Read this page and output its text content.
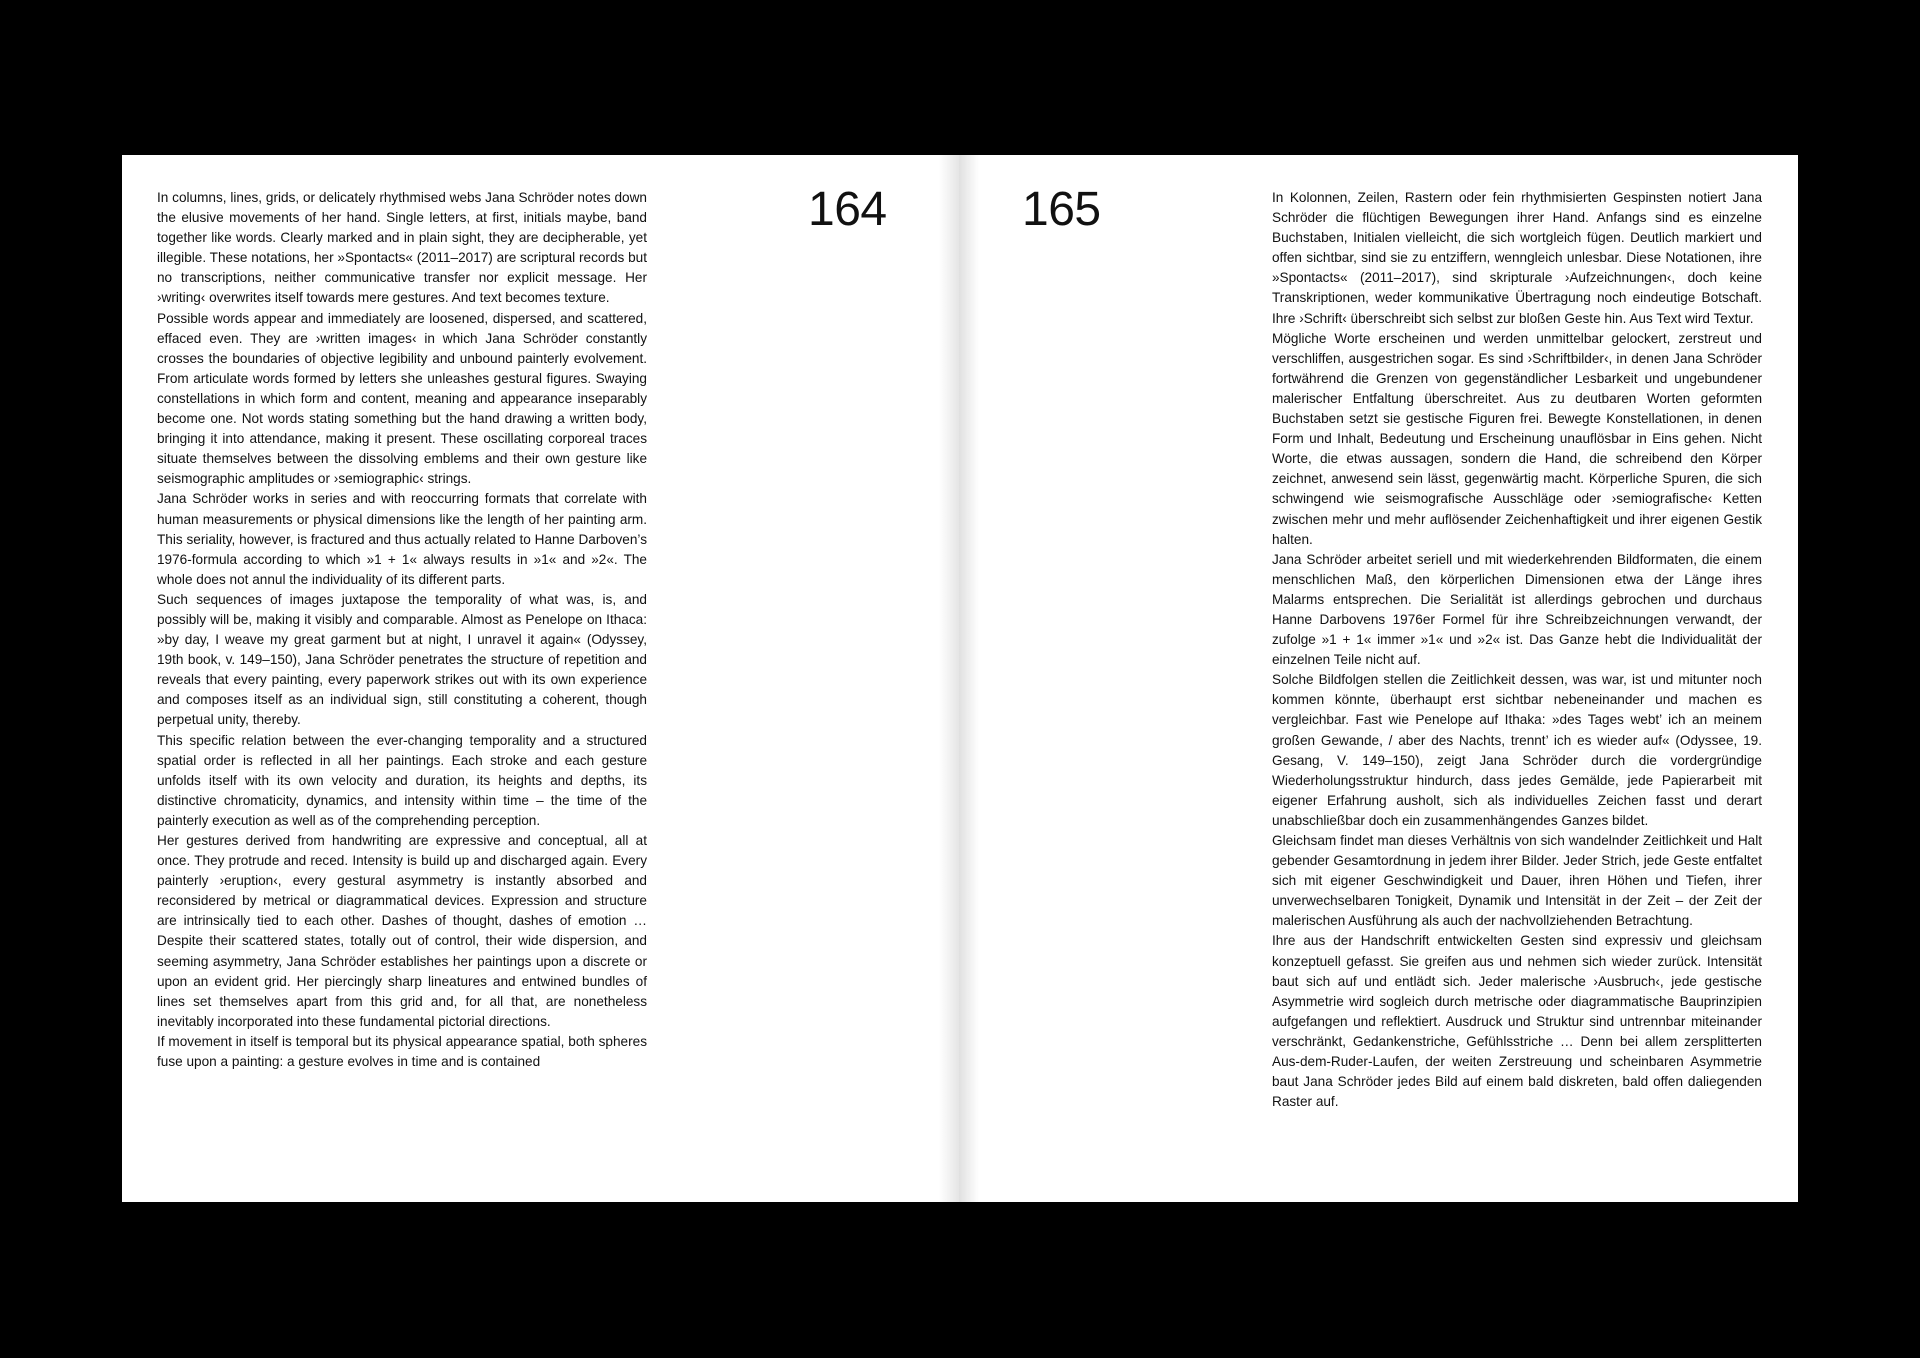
164

In columns, lines, grids, or delicately rhythmised webs Jana Schröder notes down the elusive movements of her hand. Single letters, at first, initials maybe, band together like words. Clearly marked and in plain sight, they are decipherable, yet illegible. These notations, her »Spontacts« (2011–2017) are scriptural records but no transcriptions, neither communicative transfer nor explicit message. Her ›writing‹ overwrites itself towards mere gestures. And text becomes texture.

Possible words appear and immediately are loosened, dispersed, and scattered, effaced even. They are ›written images‹ in which Jana Schröder constantly crosses the boundaries of objective legibility and unbound painterly evolvement. From articulate words formed by letters she unleashes gestural figures. Swaying constellations in which form and content, meaning and appearance inseparably become one. Not words stating something but the hand drawing a written body, bringing it into attendance, making it present. These oscillating corporeal traces situate themselves between the dissolving emblems and their own gesture like seismographic amplitudes or ›semiographic‹ strings.

Jana Schröder works in series and with reoccurring formats that correlate with human measurements or physical dimensions like the length of her painting arm. This seriality, however, is fractured and thus actually related to Hanne Darboven’s 1976-formula according to which »1 + 1« always results in »1« and »2«. The whole does not annul the individuality of its different parts.

Such sequences of images juxtapose the temporality of what was, is, and possibly will be, making it visibly and comparable. Almost as Penelope on Ithaca: »by day, I weave my great garment but at night, I unravel it again« (Odyssey, 19th book, v. 149–150), Jana Schröder penetrates the structure of repetition and reveals that every painting, every paperwork strikes out with its own experience and composes itself as an individual sign, still constituting a coherent, though perpetual unity, thereby.

This specific relation between the ever-changing temporality and a structured spatial order is reflected in all her paintings. Each stroke and each gesture unfolds itself with its own velocity and duration, its heights and depths, its distinctive chromaticity, dynamics, and intensity within time – the time of the painterly execution as well as of the comprehending perception.

Her gestures derived from handwriting are expressive and conceptual, all at once. They protrude and reced. Intensity is build up and discharged again. Every painterly ›eruption‹, every gestural asymmetry is instantly absorbed and reconsidered by metrical or diagrammatical devices. Expression and structure are intrinsically tied to each other. Dashes of thought, dashes of emotion … Despite their scattered states, totally out of control, their wide dispersion, and seeming asymmetry, Jana Schröder establishes her paintings upon a discrete or upon an evident grid. Her piercingly sharp lineatures and entwined bundles of lines set themselves apart from this grid and, for all that, are nonetheless inevitably incorporated into these fundamental pictorial directions.

If movement in itself is temporal but its physical appearance spatial, both spheres fuse upon a painting: a gesture evolves in time and is contained

165	In Kolonnen, Zeilen, Rastern oder fein rhythmisierten Gespinsten notiert Jana Schröder die flüchtigen Bewegungen ihrer Hand. Anfangs sind es einzelne Buchstaben, Initialen vielleicht, die sich wortgleich fügen. Deutlich markiert und offen sichtbar, sind sie zu entziffern, wenngleich unlesbar. Diese Notationen, ihre »Spontacts« (2011–2017), sind skripturale ›Aufzeichnungen‹, doch keine Transkriptionen, weder kommunikative Übertragung noch eindeutige Botschaft. Ihre ›Schrift‹ überschreibt sich selbst zur bloßen Geste hin. Aus Text wird Textur.

Mögliche Worte erscheinen und werden unmittelbar gelockert, zerstreut und verschliffen, ausgestrichen sogar. Es sind ›Schriftbilder‹, in denen Jana Schröder fortwährend die Grenzen von gegenständlicher Lesbarkeit und ungebundener malerischer Entfaltung überschreitet. Aus zu deutbaren Worten geformten Buchstaben setzt sie gestische Figuren frei. Bewegte Konstellationen, in denen Form und Inhalt, Bedeutung und Erscheinung unauflösbar in Eins gehen. Nicht Worte, die etwas aussagen, sondern die Hand, die schreibend den Körper zeichnet, anwesend sein lässt, gegenwärtig macht. Körperliche Spuren, die sich schwingend wie seismografische Ausschläge oder ›semiografische‹ Ketten zwischen mehr und mehr auflösender Zeichenhaftigkeit und ihrer eigenen Gestik halten.

Jana Schröder arbeitet seriell und mit wiederkehrenden Bildformaten, die einem menschlichen Maß, den körperlichen Dimensionen etwa der Länge ihres Malarms entsprechen. Die Serialität ist allerdings gebrochen und durchaus Hanne Darbovens 1976er Formel für ihre Schreibzeichnungen verwandt, der zufolge »1 + 1« immer »1« und »2« ist. Das Ganze hebt die Individualität der einzelnen Teile nicht auf.

Solche Bildfolgen stellen die Zeitlichkeit dessen, was war, ist und mitunter noch kommen könnte, überhaupt erst sichtbar nebeneinander und machen es vergleichbar. Fast wie Penelope auf Ithaka: »des Tages webt’ ich an meinem großen Gewande, / aber des Nachts, trennt’ ich es wieder auf« (Odyssee, 19. Gesang, V. 149–150), zeigt Jana Schröder durch die vordergründige Wiederholungsstruktur hindurch, dass jedes Gemälde, jede Papierarbeit mit eigener Erfahrung ausholt, sich als individuelles Zeichen fasst und derart unabschließbar doch ein zusammenhängendes Ganzes bildet.

Gleichsam findet man dieses Verhältnis von sich wandelnder Zeitlichkeit und Halt gebender Gesamtordnung in jedem ihrer Bilder. Jeder Strich, jede Geste entfaltet sich mit eigener Geschwindigkeit und Dauer, ihren Höhen und Tiefen, ihrer unverwechselbaren Tonigkeit, Dynamik und Intensität in der Zeit – der Zeit der malerischen Ausführung als auch der nachvollziehenden Betrachtung.

Ihre aus der Handschrift entwickelten Gesten sind expressiv und gleichsam konzeptuell gefasst. Sie greifen aus und nehmen sich wieder zurück. Intensität baut sich auf und entlädt sich. Jeder malerische ›Ausbruch‹, jede gestische Asymmetrie wird sogleich durch metrische oder diagrammatische Bauprinzipien aufgefangen und reflektiert. Ausdruck und Struktur sind untrennbar miteinander verschränkt, Gedankenstriche, Gefühlsstriche … Denn bei allem zersplitterten Aus-dem-Ruder-Laufen, der weiten Zerstreuung und scheinbaren Asymmetrie baut Jana Schröder jedes Bild auf einem bald diskreten, bald offen daliegenden Raster auf.
